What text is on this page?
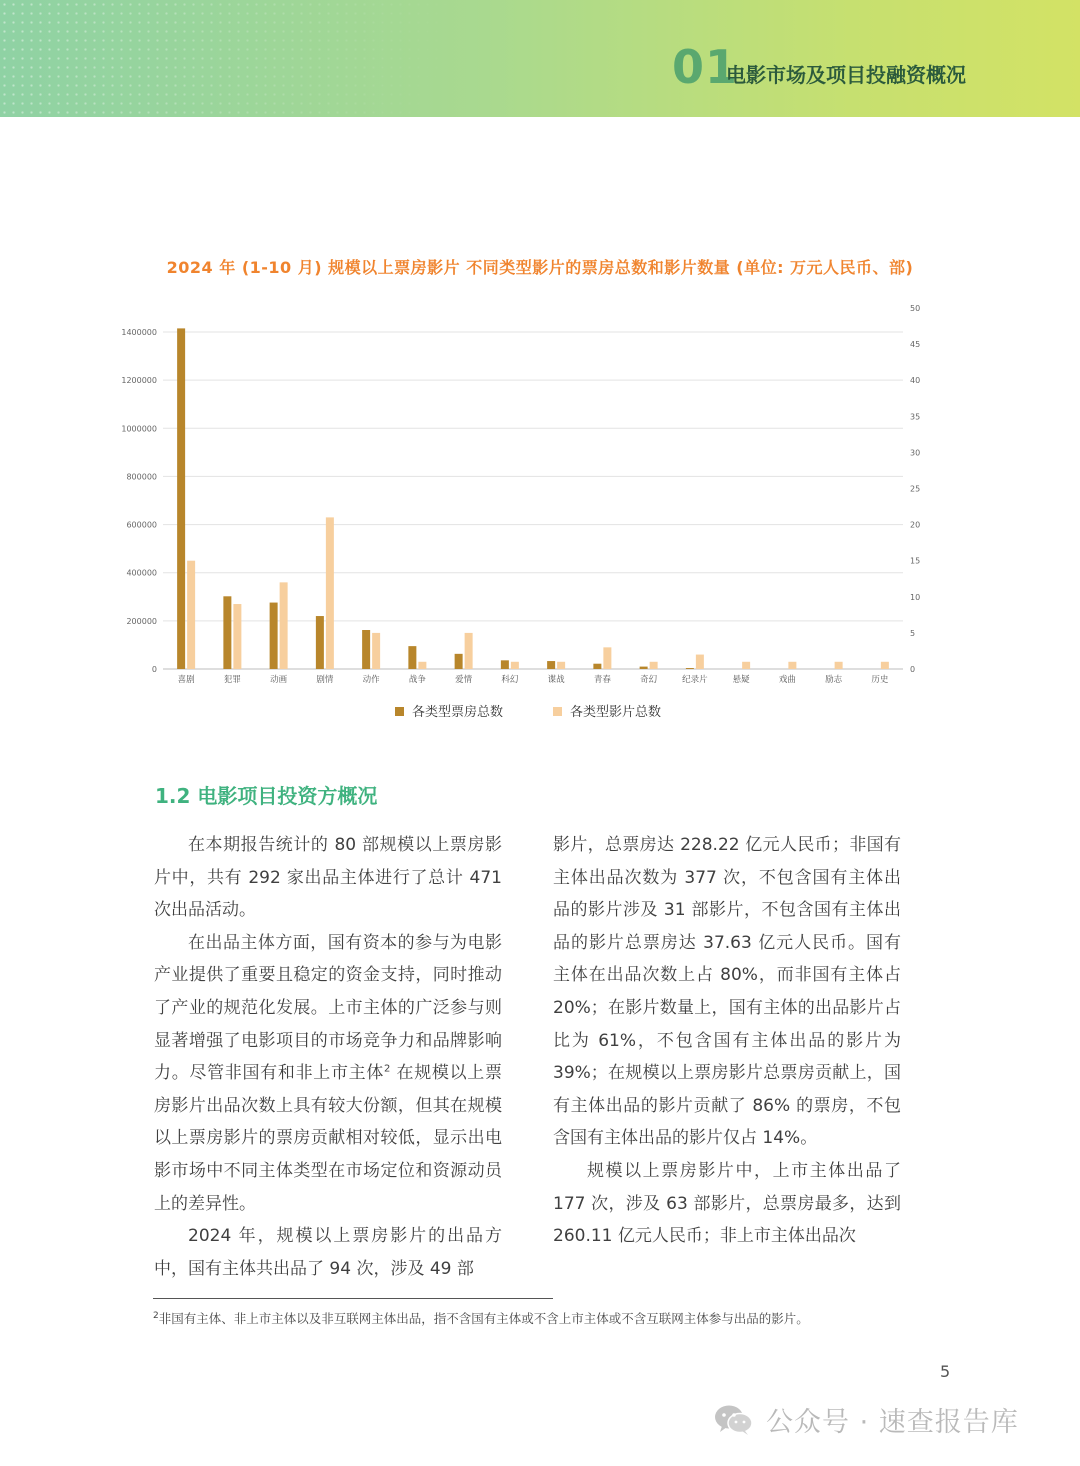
01
电影市场及项目投融资概况
2024 年 (1-10 月) 规模以上票房影片 不同类型影片的票房总数和影片数量 (单位: 万元人民币、部)
0
200000
400000
600000
800000
1000000
1200000
1400000
0
5
10
15
20
25
30
35
40
45
50
喜剧	犯罪	动画	剧情	动作	战争	爱情	科幻	谍战	青春	奇幻	纪录片	悬疑	戏曲	励志	历史
各类型票房总数	各类型影片总数
1.2 电影项目投资方概况

在本期报告统计的 80 部规模以上票房影片中，共有 292 家出品主体进行了总计 471 次出品活动。

在出品主体方面，国有资本的参与为电影产业提供了重要且稳定的资金支持，同时推动了产业的规范化发展。上市主体的广泛参与则显著增强了电影项目的市场竞争力和品牌影响力。尽管非国有和非上市主体$^2$ 在规模以上票房影片出品次数上具有较大份额，但其在规模以上票房影片的票房贡献相对较低，显示出电影市场中不同主体类型在市场定位和资源动员上的差异性。

2024 年，规模以上票房影片的出品方中，国有主体共出品了 94 次，涉及 49 部

影片，总票房达 228.22 亿元人民币；非国有主体出品次数为 377 次，不包含国有主体出品的影片涉及 31 部影片，不包含国有主体出品的影片总票房达 37.63 亿元人民币。国有主体在出品次数上占 80%，而非国有主体占 20%；在影片数量上，国有主体的出品影片占比为 61%，不包含国有主体出品的影片为 39%；在规模以上票房影片总票房贡献上，国有主体出品的影片贡献了 86% 的票房，不包含国有主体出品的影片仅占 14%。

规模以上票房影片中，上市主体出品了 177 次，涉及 63 部影片，总票房最多，达到 260.11 亿元人民币；非上市主体出品次

$^2$非国有主体、非上市主体以及非互联网主体出品，指不含国有主体或不含上市主体或不含互联网主体参与出品的影片。
5
公众号 · 速查报告库
